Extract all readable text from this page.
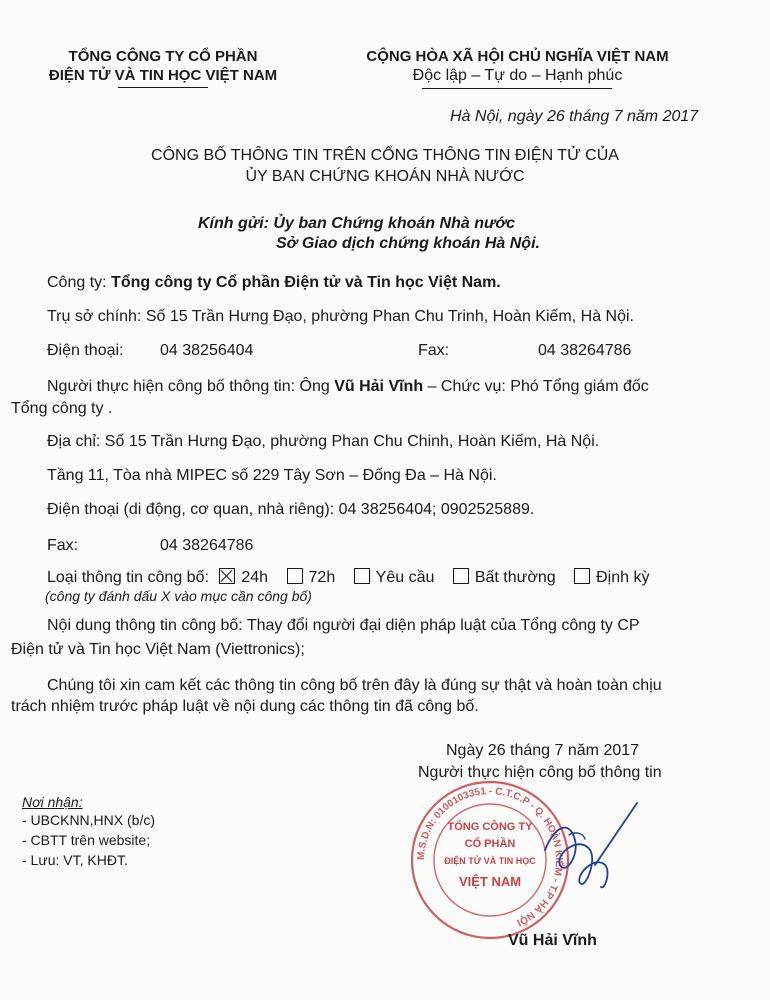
TỔNG CÔNG TY CỔ PHẦN
ĐIỆN TỬ VÀ TIN HỌC VIỆT NAM
CỘNG HÒA XÃ HỘI CHỦ NGHĨA VIỆT NAM
Độc lập – Tự do – Hạnh phúc
Hà Nội, ngày 26 tháng 7 năm 2017
CÔNG BỐ THÔNG TIN TRÊN CỔNG THÔNG TIN ĐIỆN TỬ CỦA
ỦY BAN CHỨNG KHOÁN NHÀ NƯỚC
Kính gửi: Ủy ban Chứng khoán Nhà nước
Sở Giao dịch chứng khoán Hà Nội.
Công ty: Tổng công ty Cổ phần Điện tử và Tin học Việt Nam.
Trụ sở chính: Số 15 Trần Hưng Đạo, phường Phan Chu Trinh, Hoàn Kiếm, Hà Nội.
Điện thoại: 04 38256404	Fax:	04 38264786
Người thực hiện công bố thông tin: Ông Vũ Hải Vĩnh – Chức vụ: Phó Tổng giám đốc
Tổng công ty .
Địa chỉ: Số 15 Trần Hưng Đạo, phường Phan Chu Chinh, Hoàn Kiếm, Hà Nội.
Tầng 11, Tòa nhà MIPEC số 229 Tây Sơn – Đống Đa – Hà Nội.
Điện thoại (di động, cơ quan, nhà riêng): 04 38256404; 0902525889.
Fax:	04 38264786
Loại thông tin công bố: 24h	72h	Yêu cầu	Bất thường	Định kỳ
(công ty đánh dấu X vào mục cần công bố)
Nội dung thông tin công bố: Thay đổi người đại diện pháp luật của Tổng công ty CP
Điện tử và Tin học Việt Nam (Viettronics);
Chúng tôi xin cam kết các thông tin công bố trên đây là đúng sự thật và hoàn toàn chịu
trách nhiệm trước pháp luật về nội dung các thông tin đã công bố.
Ngày 26 tháng 7 năm 2017
Người thực hiện công bố thông tin
M.S.D.N: 0100103351 - C.T.C.P - Q. HOÀN KIẾM - T.P HÀ NỘI
TỔNG CÔNG TY
CỔ PHẦN
ĐIỆN TỬ VÀ TIN HỌC
VIỆT NAM
Vũ Hải Vĩnh
Nơi nhận:
- UBCKNN,HNX (b/c)
- CBTT trên website;
- Lưu: VT, KHĐT.
